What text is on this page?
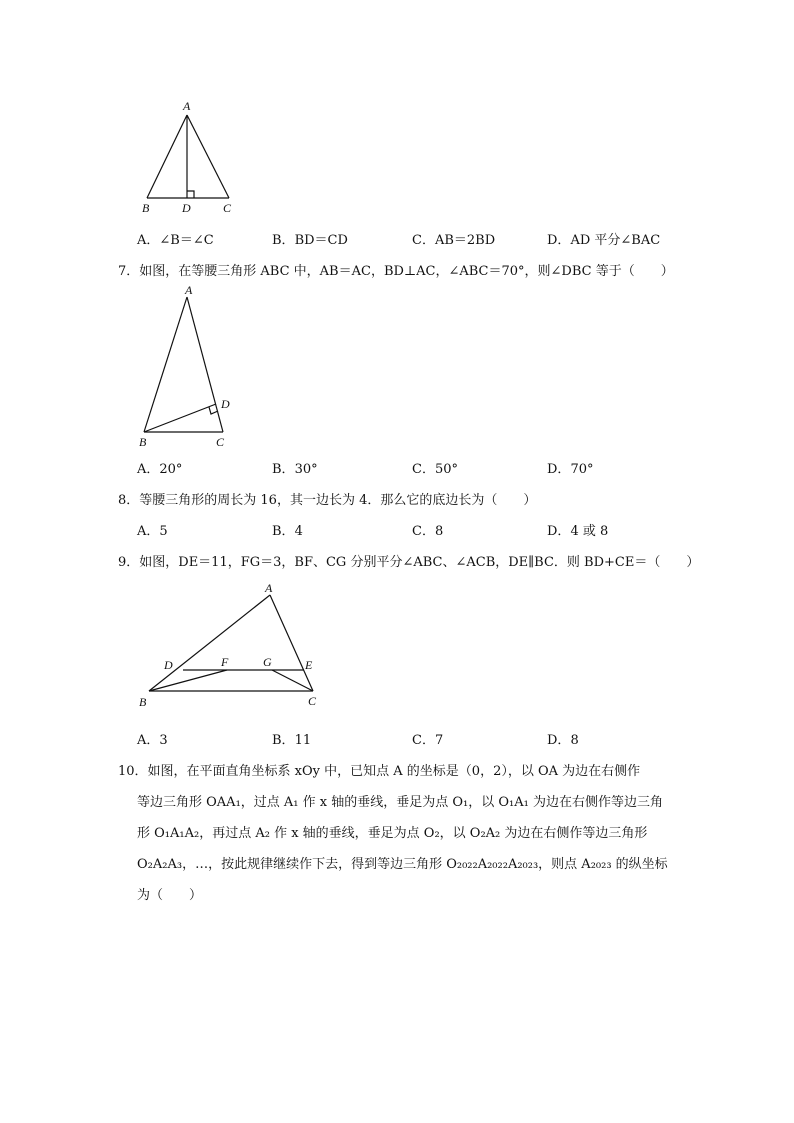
A
B	D	C
A．∠B＝∠C	B．BD＝CD	C．AB＝2BD	D．AD 平分∠BAC
7．如图，在等腰三角形 ABC 中，AB＝AC，BD⊥AC，∠ABC＝70°，则∠DBC 等于（　　）
A
D
B	C
A．20°	B．30°	C．50°	D．70°
8．等腰三角形的周长为 16，其一边长为 4．那么它的底边长为（　　）
A．5	B．4	C．8	D．4 或 8
9．如图，DE＝11，FG＝3，BF、CG 分别平分∠ABC、∠ACB，DE∥BC．则 BD+CE＝（　　）
A
D	F	G	E
B	C
A．3	B．11	C．7	D．8
10．如图，在平面直角坐标系 xOy 中，已知点 A 的坐标是（0，2），以 OA 为边在右侧作
等边三角形 OAA₁，过点 A₁ 作 x 轴的垂线，垂足为点 O₁，以 O₁A₁ 为边在右侧作等边三角
形 O₁A₁A₂，再过点 A₂ 作 x 轴的垂线，垂足为点 O₂，以 O₂A₂ 为边在右侧作等边三角形
O₂A₂A₃，…，按此规律继续作下去，得到等边三角形 O₂₀₂₂A₂₀₂₂A₂₀₂₃，则点 A₂₀₂₃ 的纵坐标
为（　　）
